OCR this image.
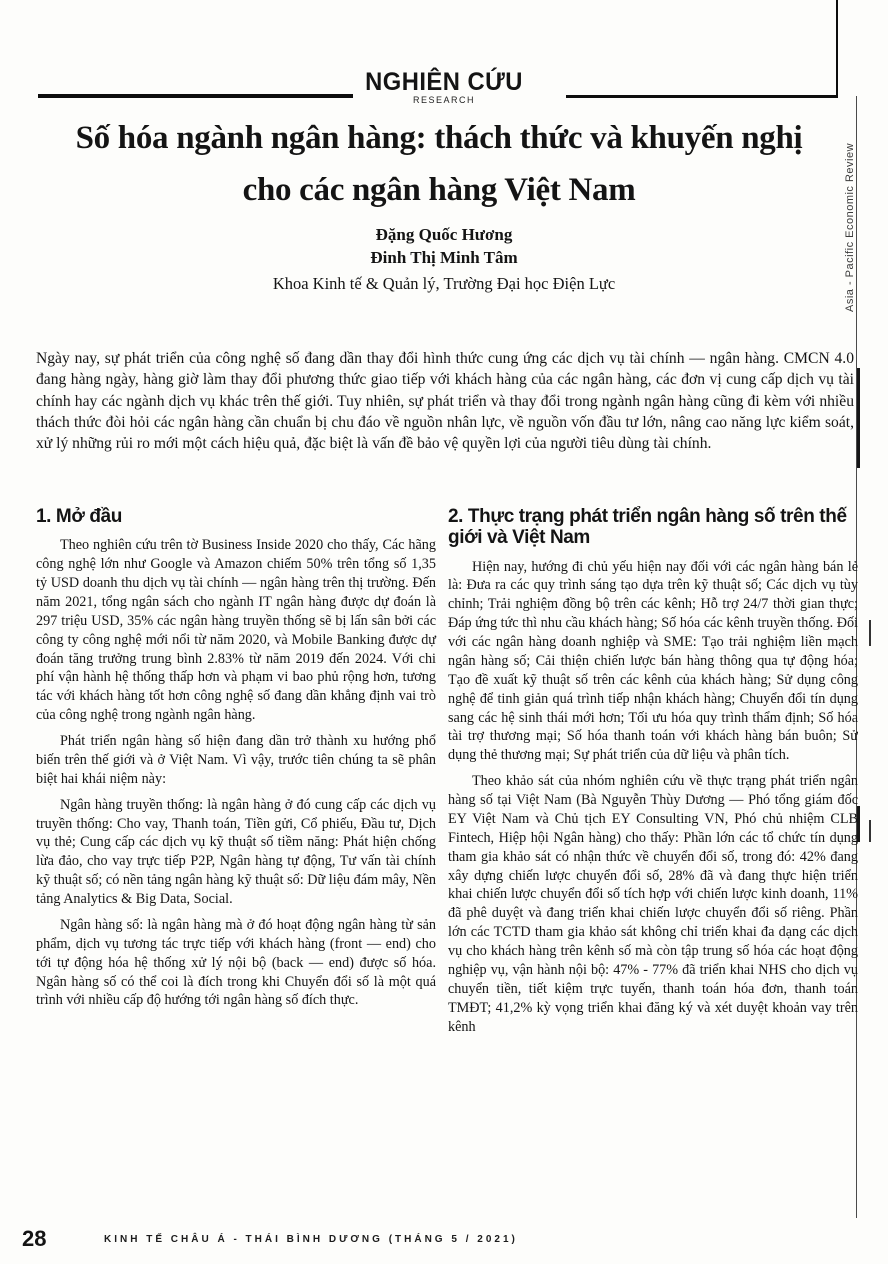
NGHIÊN CỨU
RESEARCH
Asia - Pacific Economic Review
Số hóa ngành ngân hàng: thách thức và khuyến nghị
cho các ngân hàng Việt Nam
Đặng Quốc Hương
Đinh Thị Minh Tâm
Khoa Kinh tế & Quản lý, Trường Đại học Điện Lực
Ngày nay, sự phát triển của công nghệ số đang dần thay đổi hình thức cung ứng các dịch vụ tài chính — ngân hàng. CMCN 4.0 đang hàng ngày, hàng giờ làm thay đổi phương thức giao tiếp với khách hàng của các ngân hàng, các đơn vị cung cấp dịch vụ tài chính hay các ngành dịch vụ khác trên thế giới. Tuy nhiên, sự phát triển và thay đổi trong ngành ngân hàng cũng đi kèm với nhiều thách thức đòi hỏi các ngân hàng cần chuẩn bị chu đáo về nguồn nhân lực, về nguồn vốn đầu tư lớn, nâng cao năng lực kiểm soát, xử lý những rủi ro mới một cách hiệu quả, đặc biệt là vấn đề bảo vệ quyền lợi của người tiêu dùng tài chính.
1. Mở đầu

Theo nghiên cứu trên tờ Business Inside 2020 cho thấy, Các hãng công nghệ lớn như Google và Amazon chiếm 50% trên tổng số 1,35 tỷ USD doanh thu dịch vụ tài chính — ngân hàng trên thị trường. Đến năm 2021, tổng ngân sách cho ngành IT ngân hàng được dự đoán là 297 triệu USD, 35% các ngân hàng truyền thống sẽ bị lấn sân bởi các công ty công nghệ mới nổi từ năm 2020, và Mobile Banking được dự đoán tăng trưởng trung bình 2.83% từ năm 2019 đến 2024. Với chi phí vận hành hệ thống thấp hơn và phạm vi bao phủ rộng hơn, tương tác với khách hàng tốt hơn công nghệ số đang dần khẳng định vai trò của công nghệ trong ngành ngân hàng.

Phát triển ngân hàng số hiện đang dần trở thành xu hướng phổ biến trên thế giới và ở Việt Nam. Vì vậy, trước tiên chúng ta sẽ phân biệt hai khái niệm này:

Ngân hàng truyền thống: là ngân hàng ở đó cung cấp các dịch vụ truyền thống: Cho vay, Thanh toán, Tiền gửi, Cổ phiếu, Đầu tư, Dịch vụ thẻ; Cung cấp các dịch vụ kỹ thuật số tiềm năng: Phát hiện chống lừa đảo, cho vay trực tiếp P2P, Ngân hàng tự động, Tư vấn tài chính kỹ thuật số; có nền tảng ngân hàng kỹ thuật số: Dữ liệu đám mây, Nền tảng Analytics & Big Data, Social.

Ngân hàng số: là ngân hàng mà ở đó hoạt động ngân hàng từ sản phẩm, dịch vụ tương tác trực tiếp với khách hàng (front — end) cho tới tự động hóa hệ thống xử lý nội bộ (back — end) được số hóa. Ngân hàng số có thể coi là đích trong khi Chuyển đổi số là một quá trình với nhiều cấp độ hướng tới ngân hàng số đích thực.

2. Thực trạng phát triển ngân hàng số trên thế giới và Việt Nam

Hiện nay, hướng đi chủ yếu hiện nay đối với các ngân hàng bán lẻ là: Đưa ra các quy trình sáng tạo dựa trên kỹ thuật số; Các dịch vụ tùy chỉnh; Trải nghiệm đồng bộ trên các kênh; Hỗ trợ 24/7 thời gian thực; Đáp ứng tức thì nhu cầu khách hàng; Số hóa các kênh truyền thống. Đối với các ngân hàng doanh nghiệp và SME: Tạo trải nghiệm liền mạch ngân hàng số; Cải thiện chiến lược bán hàng thông qua tự động hóa; Tạo đề xuất kỹ thuật số trên các kênh của khách hàng; Sử dụng công nghệ để tinh giản quá trình tiếp nhận khách hàng; Chuyển đổi tín dụng sang các hệ sinh thái mới hơn; Tối ưu hóa quy trình thẩm định; Số hóa tài trợ thương mại; Số hóa thanh toán với khách hàng bán buôn; Sử dụng thẻ thương mại; Sự phát triển của dữ liệu và phân tích.

Theo khảo sát của nhóm nghiên cứu về thực trạng phát triển ngân hàng số tại Việt Nam (Bà Nguyễn Thùy Dương — Phó tổng giám đốc EY Việt Nam và Chủ tịch EY Consulting VN, Phó chủ nhiệm CLB Fintech, Hiệp hội Ngân hàng) cho thấy: Phần lớn các tổ chức tín dụng tham gia khảo sát có nhận thức về chuyển đổi số, trong đó: 42% đang xây dựng chiến lược chuyển đổi số, 28% đã và đang thực hiện triển khai chiến lược chuyển đổi số tích hợp với chiến lược kinh doanh, 11% đã phê duyệt và đang triển khai chiến lược chuyển đổi số riêng. Phần lớn các TCTD tham gia khảo sát không chỉ triển khai đa dạng các dịch vụ cho khách hàng trên kênh số mà còn tập trung số hóa các hoạt động nghiệp vụ, vận hành nội bộ: 47% - 77% đã triển khai NHS cho dịch vụ chuyển tiền, tiết kiệm trực tuyến, thanh toán hóa đơn, thanh toán TMĐT; 41,2% kỳ vọng triển khai đăng ký và xét duyệt khoản vay trên kênh

28	KINH TẾ CHÂU Á - THÁI BÌNH DƯƠNG (THÁNG 5 / 2021)
